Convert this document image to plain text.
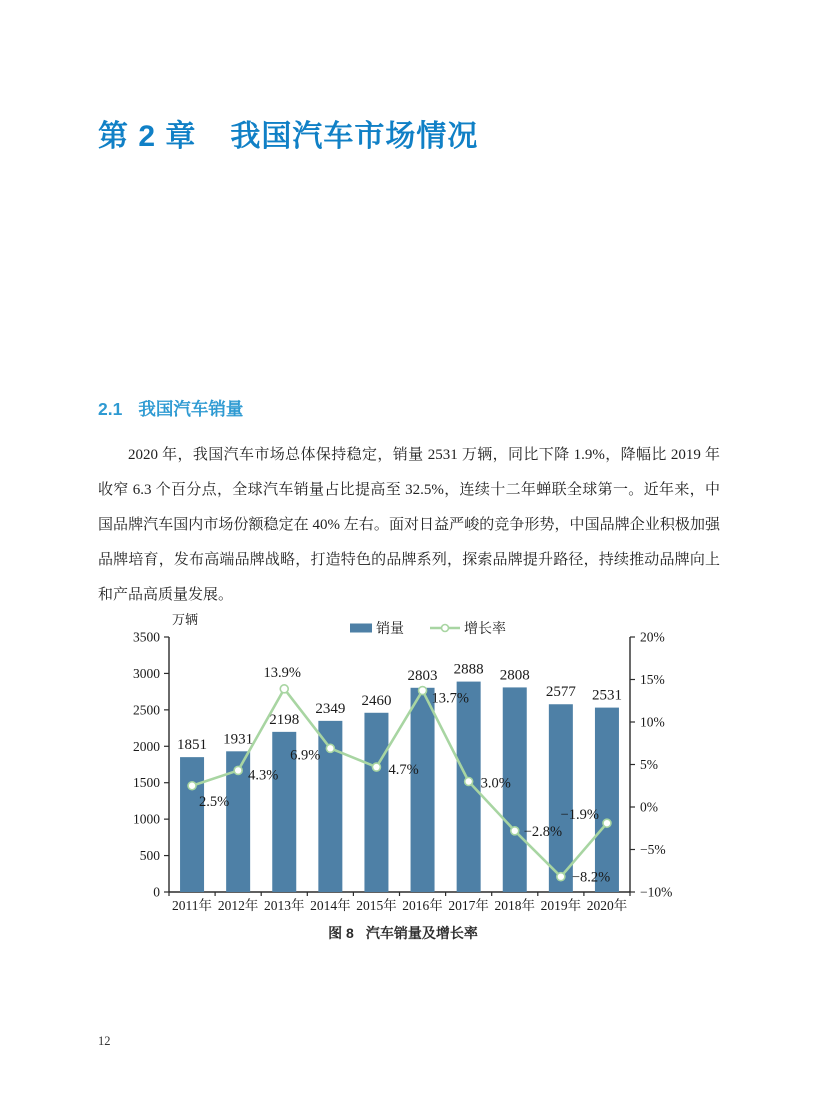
第 2 章 我国汽车市场情况
2.1 我国汽车销量

2020 年，我国汽车市场总体保持稳定，销量 2531 万辆，同比下降 1.9%，降幅比 2019 年收窄 6.3 个百分点，全球汽车销量占比提高至 32.5%，连续十二年蝉联全球第一。近年来，中国品牌汽车国内市场份额稳定在 40% 左右。面对日益严峻的竞争形势，中国品牌企业积极加强品牌培育，发布高端品牌战略，打造特色的品牌系列，探索品牌提升路径，持续推动品牌向上和产品高质量发展。

0
500
1000
1500
2000
2500
3000
3500
−10%
−5%
0%
5%
10%
15%
20%
万辆
1851
2011年
1931
2012年
2198
2013年
2349
2014年
2460
2015年
2803
2016年
2888
2017年
2808
2018年
2577
2019年
2531
2020年
2.5%
4.3%
13.9%
6.9%
4.7%
13.7%
3.0%
−2.8%
−8.2%
−1.9%
销量	增长率
图 8 汽车销量及增长率
12
